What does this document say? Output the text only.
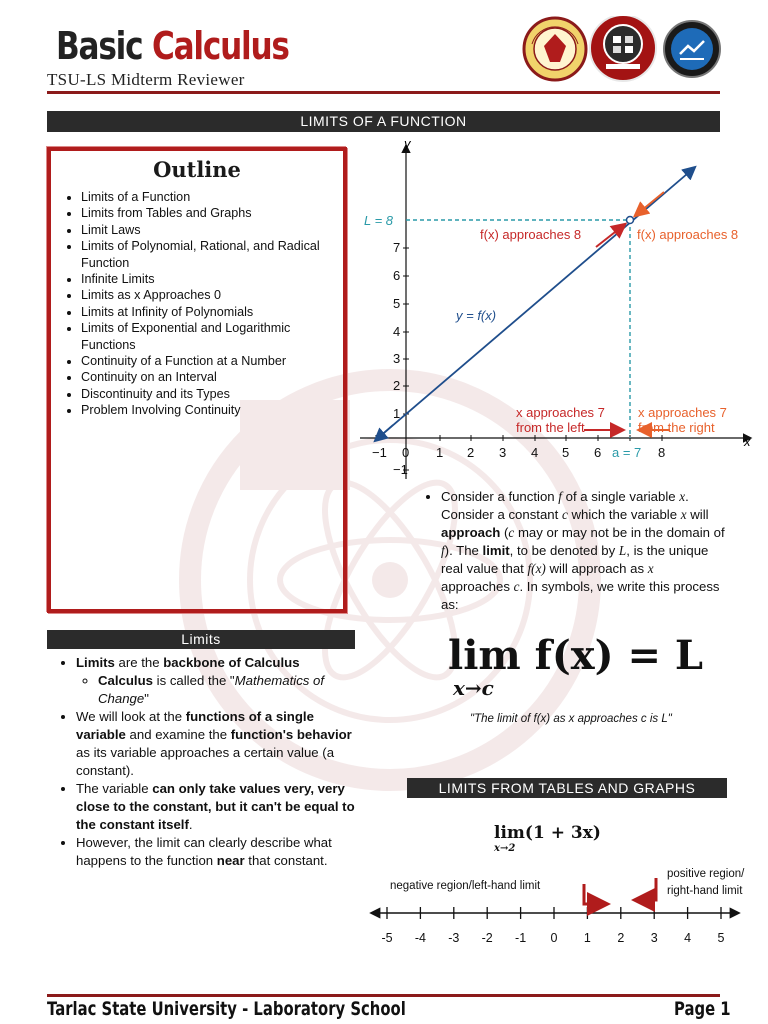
Basic Calculus
TSU-LS Midterm Reviewer
LIMITS OF A FUNCTION
Outline
• Limits of a Function
• Limits from Tables and Graphs
• Limit Laws
• Limits of Polynomial, Rational, and Radical Function
• Infinite Limits
• Limits as x Approaches 0
• Limits at Infinity of Polynomials
• Limits of Exponential and Logarithmic Functions
• Continuity of a Function at a Number
• Continuity on an Interval
• Discontinuity and its Types
• Problem Involving Continuity
x
y
−1 0 1 2 3 4 5 6 a = 7 8
−1
1
2
3
4
5
6
7
L = 8
y = f(x)
f(x) approaches 8	f(x) approaches 8
x approaches 7
from the left
x approaches 7
from the right
• Consider a function f of a single variable x. Consider a constant c which the variable x will approach (c may or may not be in the domain of f). The limit, to be denoted by L, is the unique real value that f(x) will approach as x approaches c. In symbols, we write this process as:
lim f(x) = L
x→c
"The limit of f(x) as x approaches c is L"
Limits
• Limits are the backbone of Calculus
◦ Calculus is called the "Mathematics of Change"
• We will look at the functions of a single variable and examine the function's behavior as its variable approaches a certain value (a constant).
• The variable can only take values very, very close to the constant, but it can't be equal to the constant itself.
• However, the limit can clearly describe what happens to the function near that constant.
LIMITS FROM TABLES AND GRAPHS
lim(1 + 3x)
x→2
negative region/left-hand limit
positive region/
right-hand limit
-5 -4 -3 -2 -1 0 1 2 3 4 5
Tarlac State University - Laboratory School	Page 1
